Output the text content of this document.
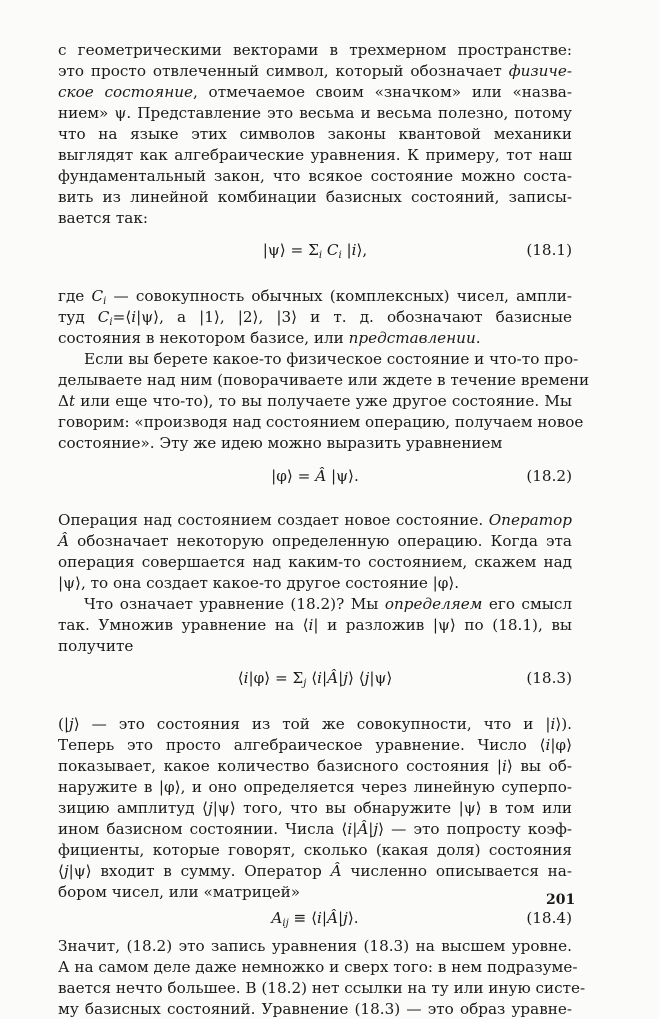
с геометрическими векторами в трехмерном пространстве:
это просто отвлеченный символ, который обозначает физиче-
ское состояние, отмечаемое своим «значком» или «назва-
нием» ψ. Представление это весьма и весьма полезно, потому
что на языке этих символов законы квантовой механики
выглядят как алгебраические уравнения. К примеру, тот наш
фундаментальный закон, что всякое состояние можно соста-
вить из линейной комбинации базисных состояний, записы-
вается так:
|ψ⟩ = $\Sigma_i$ $C_i$ |i⟩,	(18.1)
где $C_i$ — совокупность обычных (комплексных) чисел, ампли-
туд $C_i=⟨i|\psi⟩$, а |1⟩, |2⟩, |3⟩ и т. д. обозначают базисные
состояния в некотором базисе, или представлении.
Если вы берете какое-то физическое состояние и что-то про-
делываете над ним (поворачиваете или ждете в течение времени
Δt или еще что-то), то вы получаете уже другое состояние. Мы
говорим: «производя над состоянием операцию, получаем новое
состояние». Эту же идею можно выразить уравнением
|φ⟩ = Â |ψ⟩.	(18.2)
Операция над состоянием создает новое состояние. Оператор
Â обозначает некоторую определенную операцию. Когда эта
операция совершается над каким-то состоянием, скажем над
|ψ⟩, то она создает какое-то другое состояние |φ⟩.
Что означает уравнение (18.2)? Мы определяем его смысл
так. Умножив уравнение на ⟨i| и разложив |ψ⟩ по (18.1), вы
получите
⟨i|φ⟩ = $\Sigma_j$ ⟨i|Â|j⟩ ⟨j|ψ⟩	(18.3)
(|j⟩ — это состояния из той же совокупности, что и |i⟩).
Теперь это просто алгебраическое уравнение. Число ⟨i|φ⟩
показывает, какое количество базисного состояния |i⟩ вы об-
наружите в |φ⟩, и оно определяется через линейную суперпо-
зицию амплитуд ⟨j|ψ⟩ того, что вы обнаружите |ψ⟩ в том или
ином базисном состоянии. Числа ⟨i|Â|j⟩ — это попросту коэф-
фициенты, которые говорят, сколько (какая доля) состояния
⟨j|ψ⟩ входит в сумму. Оператор Â численно описывается на-
бором чисел, или «матрицей»
$A_{ij}$ ≡ ⟨i|Â|j⟩.	(18.4)
Значит, (18.2) это запись уравнения (18.3) на высшем уровне.
А на самом деле даже немножко и сверх того: в нем подразуме-
вается нечто большее. В (18.2) нет ссылки на ту или иную систе-
му базисных состояний. Уравнение (18.3) — это образ уравне-
201
